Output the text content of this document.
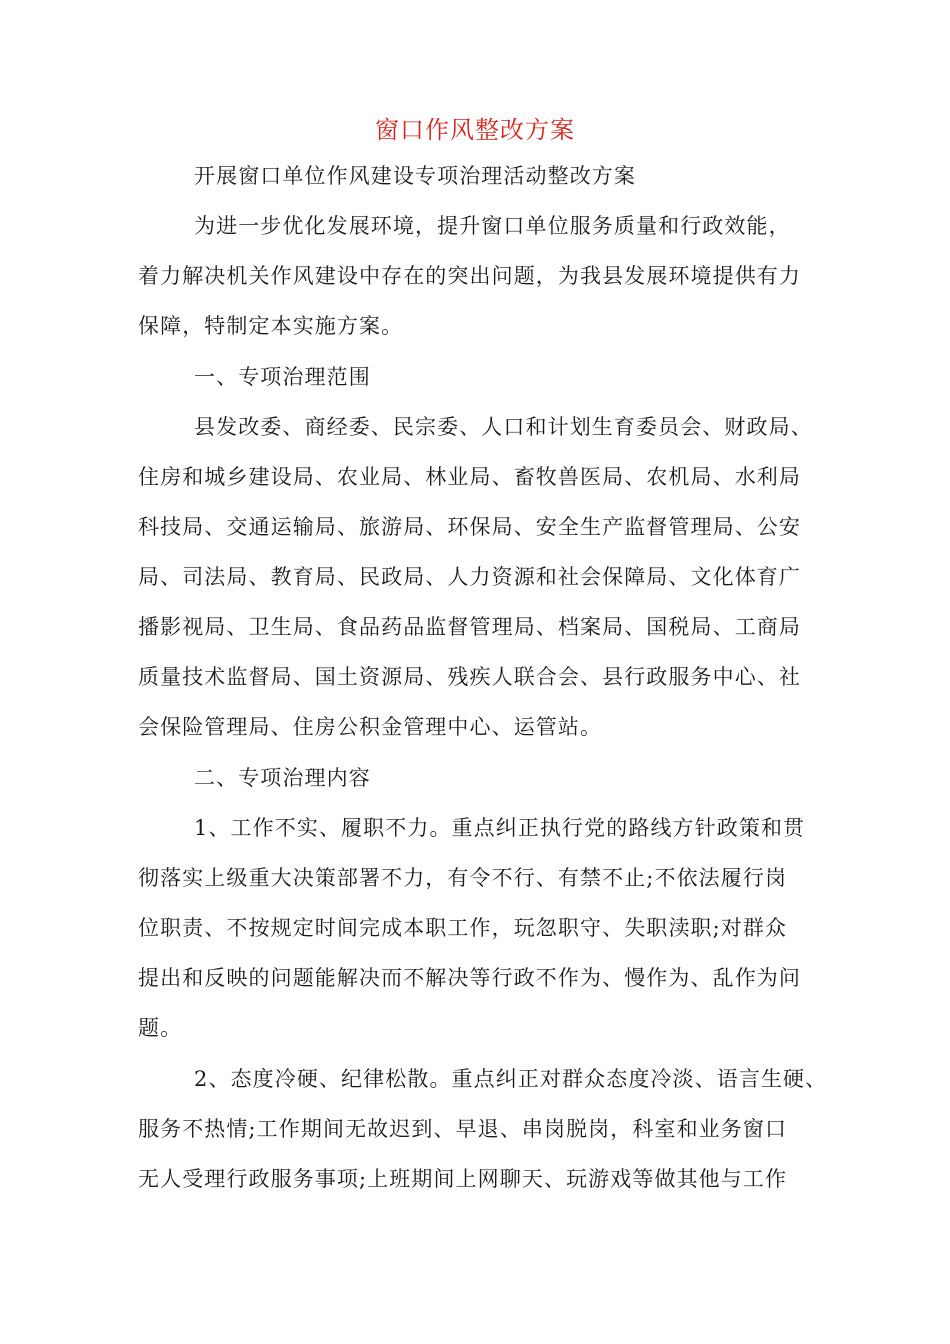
窗口作风整改方案
开展窗口单位作风建设专项治理活动整改方案
为进一步优化发展环境，提升窗口单位服务质量和行政效能，
着力解决机关作风建设中存在的突出问题，为我县发展环境提供有力
保障，特制定本实施方案。
一、专项治理范围
县发改委、商经委、民宗委、人口和计划生育委员会、财政局、
住房和城乡建设局、农业局、林业局、畜牧兽医局、农机局、水利局
科技局、交通运输局、旅游局、环保局、安全生产监督管理局、公安
局、司法局、教育局、民政局、人力资源和社会保障局、文化体育广
播影视局、卫生局、食品药品监督管理局、档案局、国税局、工商局
质量技术监督局、国土资源局、残疾人联合会、县行政服务中心、社
会保险管理局、住房公积金管理中心、运管站。
二、专项治理内容
1、工作不实、履职不力。重点纠正执行党的路线方针政策和贯
彻落实上级重大决策部署不力，有令不行、有禁不止;不依法履行岗
位职责、不按规定时间完成本职工作，玩忽职守、失职渎职;对群众
提出和反映的问题能解决而不解决等行政不作为、慢作为、乱作为问
题。
2、态度冷硬、纪律松散。重点纠正对群众态度冷淡、语言生硬、
服务不热情;工作期间无故迟到、早退、串岗脱岗，科室和业务窗口
无人受理行政服务事项;上班期间上网聊天、玩游戏等做其他与工作
